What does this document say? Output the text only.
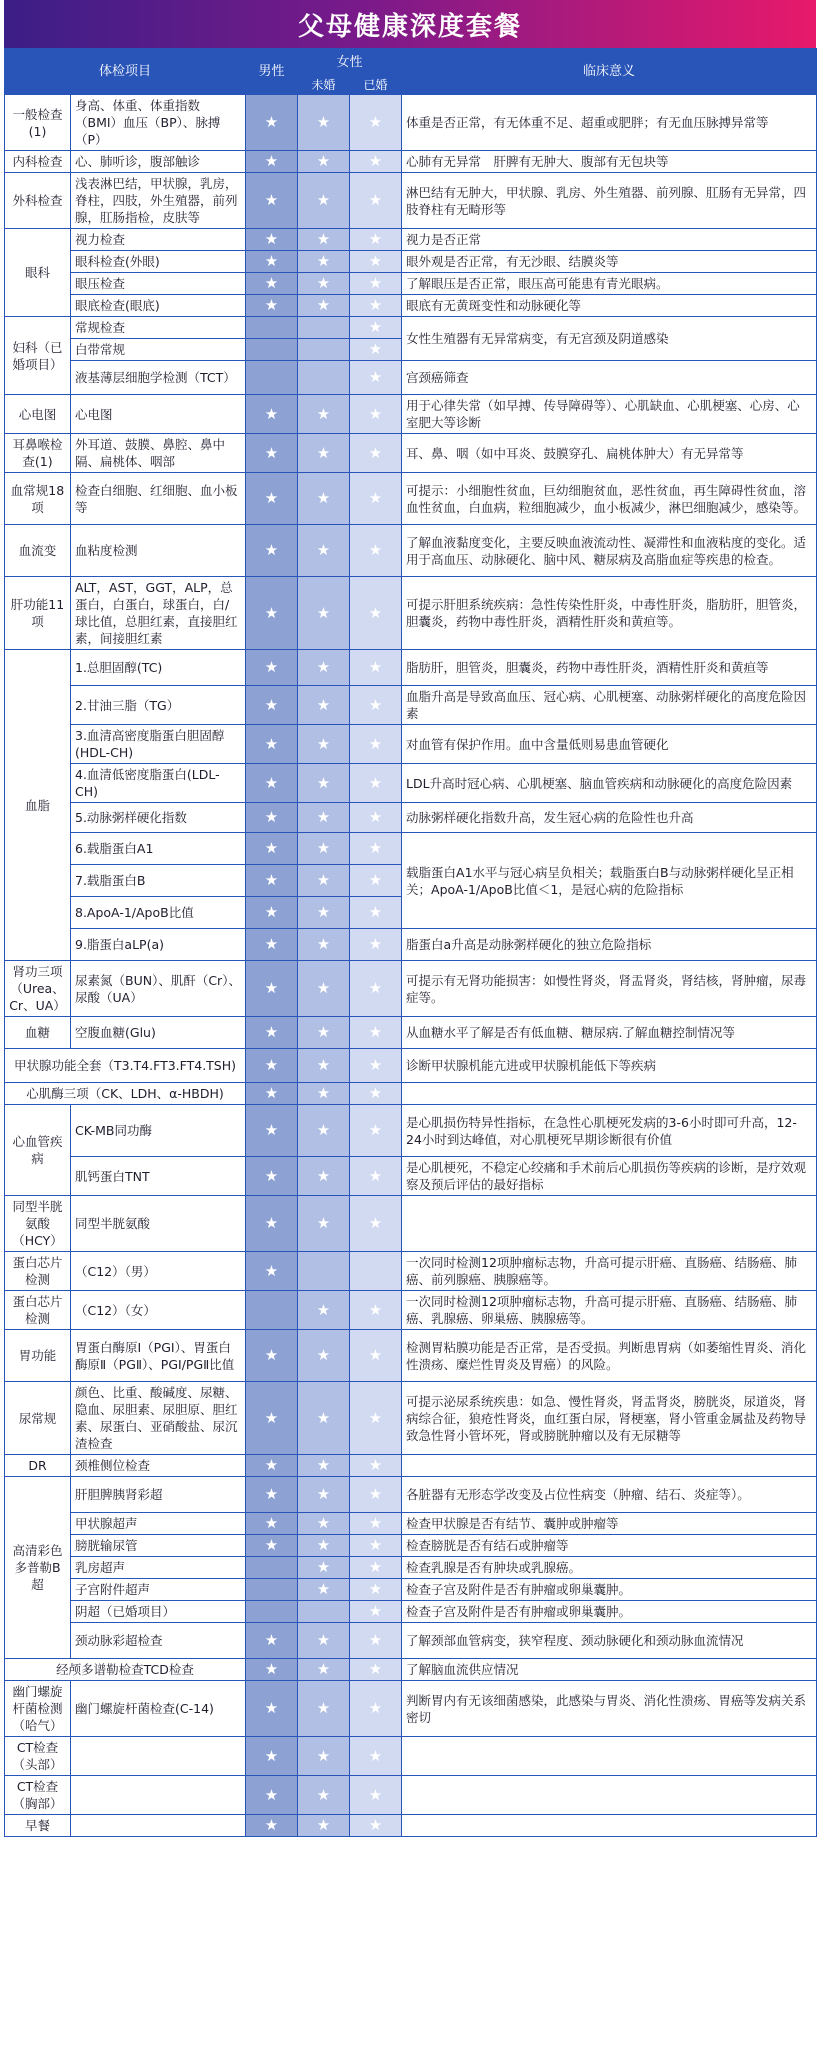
父母健康深度套餐
体检项目		男性	女性		临床意义
			未婚	已婚	
一般检查(1)	身高、体重、体重指数（BMI）血压（BP）、脉搏（P）	★	★	★	体重是否正常，有无体重不足、超重或肥胖；有无血压脉搏异常等
内科检查	心、肺听诊，腹部触诊	★	★	★	心肺有无异常　肝脾有无肿大、腹部有无包块等
外科检查	浅表淋巴结，甲状腺，乳房，脊柱，四肢，外生殖器，前列腺，肛肠指检，皮肤等	★	★	★	淋巴结有无肿大，甲状腺、乳房、外生殖器、前列腺、肛肠有无异常，四肢脊柱有无畸形等
眼科	视力检查	★	★	★	视力是否正常
	眼科检查(外眼)	★	★	★	眼外观是否正常，有无沙眼、结膜炎等
	眼压检查	★	★	★	了解眼压是否正常，眼压高可能患有青光眼病。
	眼底检查(眼底)	★	★	★	眼底有无黄斑变性和动脉硬化等
妇科（已婚项目）	常规检查			★	女性生殖器有无异常病变，有无宫颈及阴道感染
	白带常规			★	
	液基薄层细胞学检测（TCT）			★	宫颈癌筛查
心电图	心电图	★	★	★	用于心律失常（如早搏、传导障碍等）、心肌缺血、心肌梗塞、心房、心室肥大等诊断
耳鼻喉检查(1)	外耳道、鼓膜、鼻腔、鼻中隔、扁桃体、咽部	★	★	★	耳、鼻、咽（如中耳炎、鼓膜穿孔、扁桃体肿大）有无异常等
血常规18项	检查白细胞、红细胞、血小板等	★	★	★	可提示：小细胞性贫血，巨幼细胞贫血，恶性贫血，再生障碍性贫血，溶血性贫血，白血病，粒细胞减少，血小板减少，淋巴细胞减少，感染等。
血流变	血粘度检测	★	★	★	了解血液黏度变化，主要反映血液流动性、凝滞性和血液粘度的变化。适用于高血压、动脉硬化、脑中风、糖尿病及高脂血症等疾患的检查。
肝功能11项	ALT，AST，GGT，ALP，总蛋白，白蛋白，球蛋白，白/球比值，总胆红素，直接胆红素，间接胆红素	★	★	★	可提示肝胆系统疾病：急性传染性肝炎，中毒性肝炎，脂肪肝，胆管炎，胆囊炎，药物中毒性肝炎，酒精性肝炎和黄疸等。
血脂	1.总胆固醇(TC)	★	★	★	脂肪肝，胆管炎，胆囊炎，药物中毒性肝炎，酒精性肝炎和黄疸等
	2.甘油三脂（TG）	★	★	★	血脂升高是导致高血压、冠心病、心肌梗塞、动脉粥样硬化的高度危险因素
	3.血清高密度脂蛋白胆固醇(HDL-CH)	★	★	★	对血管有保护作用。血中含量低则易患血管硬化
	4.血清低密度脂蛋白(LDL-CH)	★	★	★	LDL升高时冠心病、心肌梗塞、脑血管疾病和动脉硬化的高度危险因素
	5.动脉粥样硬化指数	★	★	★	动脉粥样硬化指数升高，发生冠心病的危险性也升高
	6.载脂蛋白A1	★	★	★	载脂蛋白A1水平与冠心病呈负相关；载脂蛋白B与动脉粥样硬化呈正相关；ApoA-1/ApoB比值＜1，是冠心病的危险指标
	7.载脂蛋白B	★	★	★	
	8.ApoA-1/ApoB比值	★	★	★	
	9.脂蛋白aLP(a)	★	★	★	脂蛋白a升高是动脉粥样硬化的独立危险指标
肾功三项（Urea、Cr、UA）	尿素氮（BUN）、肌酐（Cr）、尿酸（UA）	★	★	★	可提示有无肾功能损害：如慢性肾炎，肾盂肾炎，肾结核，肾肿瘤，尿毒症等。
血糖	空腹血糖(Glu)	★	★	★	从血糖水平了解是否有低血糖、糖尿病.了解血糖控制情况等
甲状腺功能全套（T3.T4.FT3.FT4.TSH)		★	★	★	诊断甲状腺机能亢进或甲状腺机能低下等疾病
心肌酶三项（CK、LDH、α-HBDH)		★	★	★	
心血管疾病	CK-MB同功酶	★	★	★	是心肌损伤特异性指标，在急性心肌梗死发病的3-6小时即可升高，12-24小时到达峰值，对心肌梗死早期诊断很有价值
	肌钙蛋白TNT	★	★	★	是心肌梗死，不稳定心绞痛和手术前后心肌损伤等疾病的诊断，是疗效观察及预后评估的最好指标
同型半胱氨酸（HCY）	同型半胱氨酸	★	★	★	
蛋白芯片检测	（C12）（男）	★			一次同时检测12项肿瘤标志物，升高可提示肝癌、直肠癌、结肠癌、肺癌、前列腺癌、胰腺癌等。
蛋白芯片检测	（C12）（女）		★	★	一次同时检测12项肿瘤标志物，升高可提示肝癌、直肠癌、结肠癌、肺癌、乳腺癌、卵巢癌、胰腺癌等。
胃功能	胃蛋白酶原Ⅰ（PGⅠ）、胃蛋白酶原Ⅱ（PGⅡ）、PGⅠ/PGⅡ比值	★	★	★	检测胃粘膜功能是否正常，是否受损。判断患胃病（如萎缩性胃炎、消化性溃疡、糜烂性胃炎及胃癌）的风险。
尿常规	颜色、比重、酸碱度、尿糖、隐血、尿胆素、尿胆原、胆红素、尿蛋白、亚硝酸盐、尿沉渣检查	★	★	★	可提示泌尿系统疾患：如急、慢性肾炎，肾盂肾炎，膀胱炎，尿道炎，肾病综合征，狼疮性肾炎，血红蛋白尿，肾梗塞，肾小管重金属盐及药物导致急性肾小管坏死，肾或膀胱肿瘤以及有无尿糖等
DR	颈椎侧位检查	★	★	★	
高清彩色多普勒B超	肝胆脾胰肾彩超	★	★	★	各脏器有无形态学改变及占位性病变（肿瘤、结石、炎症等）。
	甲状腺超声	★	★	★	检查甲状腺是否有结节、囊肿或肿瘤等
	膀胱输尿管	★	★	★	检查膀胱是否有结石或肿瘤等
	乳房超声		★	★	检查乳腺是否有肿块或乳腺癌。
	子宫附件超声		★	★	检查子宫及附件是否有肿瘤或卵巢囊肿。
	阴超（已婚项目）			★	检查子宫及附件是否有肿瘤或卵巢囊肿。
	颈动脉彩超检查	★	★	★	了解颈部血管病变，狭窄程度、颈动脉硬化和颈动脉血流情况
经颅多谱勒检查TCD检查		★	★	★	了解脑血流供应情况
幽门螺旋杆菌检测（哈气）	幽门螺旋杆菌检查(C-14)	★	★	★	判断胃内有无该细菌感染，此感染与胃炎、消化性溃疡、胃癌等发病关系密切
CT检查（头部）		★	★	★	
CT检查（胸部）		★	★	★	
早餐		★	★	★	
